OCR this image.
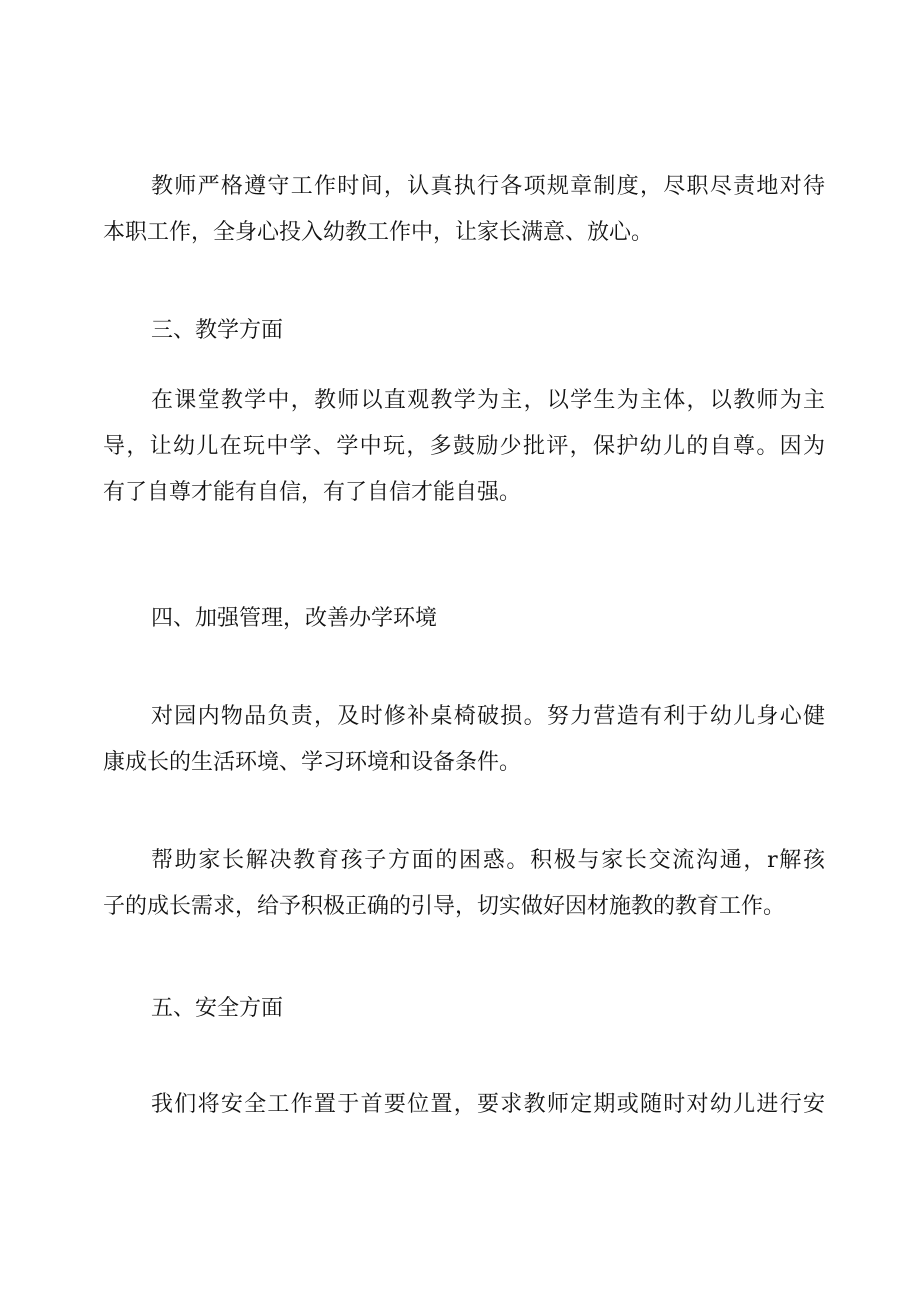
教师严格遵守工作时间，认真执行各项规章制度，尽职尽责地对待
本职工作，全身心投入幼教工作中，让家长满意、放心。
三、教学方面
在课堂教学中，教师以直观教学为主，以学生为主体，以教师为主
导，让幼儿在玩中学、学中玩，多鼓励少批评，保护幼儿的自尊。因为
有了自尊才能有自信，有了自信才能自强。
四、加强管理，改善办学环境
对园内物品负责，及时修补桌椅破损。努力营造有利于幼儿身心健
康成长的生活环境、学习环境和设备条件。
帮助家长解决教育孩子方面的困惑。积极与家长交流沟通，r解孩
子的成长需求，给予积极正确的引导，切实做好因材施教的教育工作。
五、安全方面
我们将安全工作置于首要位置，要求教师定期或随时对幼儿进行安
